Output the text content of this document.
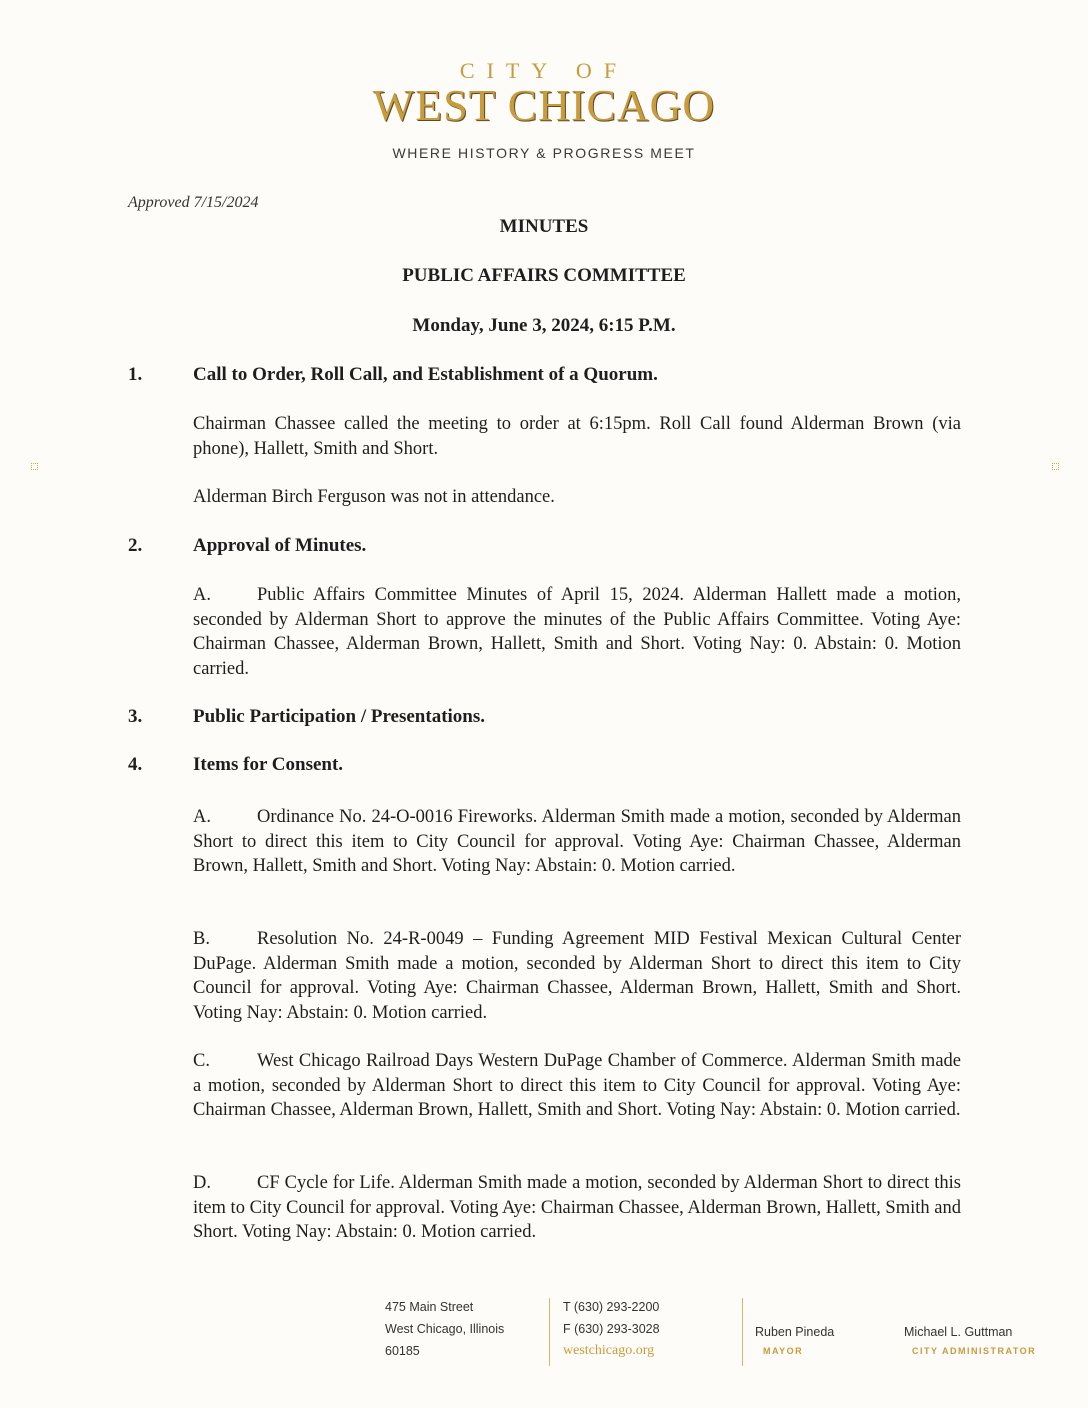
CITY OF
WEST CHICAGO
WHERE HISTORY & PROGRESS MEET
Approved 7/15/2024
MINUTES
PUBLIC AFFAIRS COMMITTEE
Monday, June 3, 2024, 6:15 P.M.
1.	Call to Order, Roll Call, and Establishment of a Quorum.
Chairman Chassee called the meeting to order at 6:15pm. Roll Call found Alderman Brown (via phone), Hallett, Smith and Short.
Alderman Birch Ferguson was not in attendance.
2.	Approval of Minutes.
A. Public Affairs Committee Minutes of April 15, 2024. Alderman Hallett made a motion, seconded by Alderman Short to approve the minutes of the Public Affairs Committee. Voting Aye: Chairman Chassee, Alderman Brown, Hallett, Smith and Short. Voting Nay: 0. Abstain: 0. Motion carried.
3.	Public Participation / Presentations.
4.	Items for Consent.
A. Ordinance No. 24-O-0016 Fireworks. Alderman Smith made a motion, seconded by Alderman Short to direct this item to City Council for approval. Voting Aye: Chairman Chassee, Alderman Brown, Hallett, Smith and Short. Voting Nay: Abstain: 0. Motion carried.
B.	Resolution No. 24-R-0049 – Funding Agreement MID Festival Mexican Cultural Center DuPage. Alderman Smith made a motion, seconded by Alderman Short to direct this item to City Council for approval. Voting Aye: Chairman Chassee, Alderman Brown, Hallett, Smith and Short. Voting Nay: Abstain: 0. Motion carried.
C.	West Chicago Railroad Days Western DuPage Chamber of Commerce. Alderman Smith made a motion, seconded by Alderman Short to direct this item to City Council for approval. Voting Aye: Chairman Chassee, Alderman Brown, Hallett, Smith and Short. Voting Nay: Abstain: 0. Motion carried.
D. CF Cycle for Life. Alderman Smith made a motion, seconded by Alderman Short to direct this item to City Council for approval. Voting Aye: Chairman Chassee, Alderman Brown, Hallett, Smith and Short. Voting Nay: Abstain: 0. Motion carried.
475 Main Street
West Chicago, Illinois
60185
T (630) 293-2200
F (630) 293-3028
westchicago.org
Ruben Pineda
MAYOR
Michael L. Guttman
CITY ADMINISTRATOR
